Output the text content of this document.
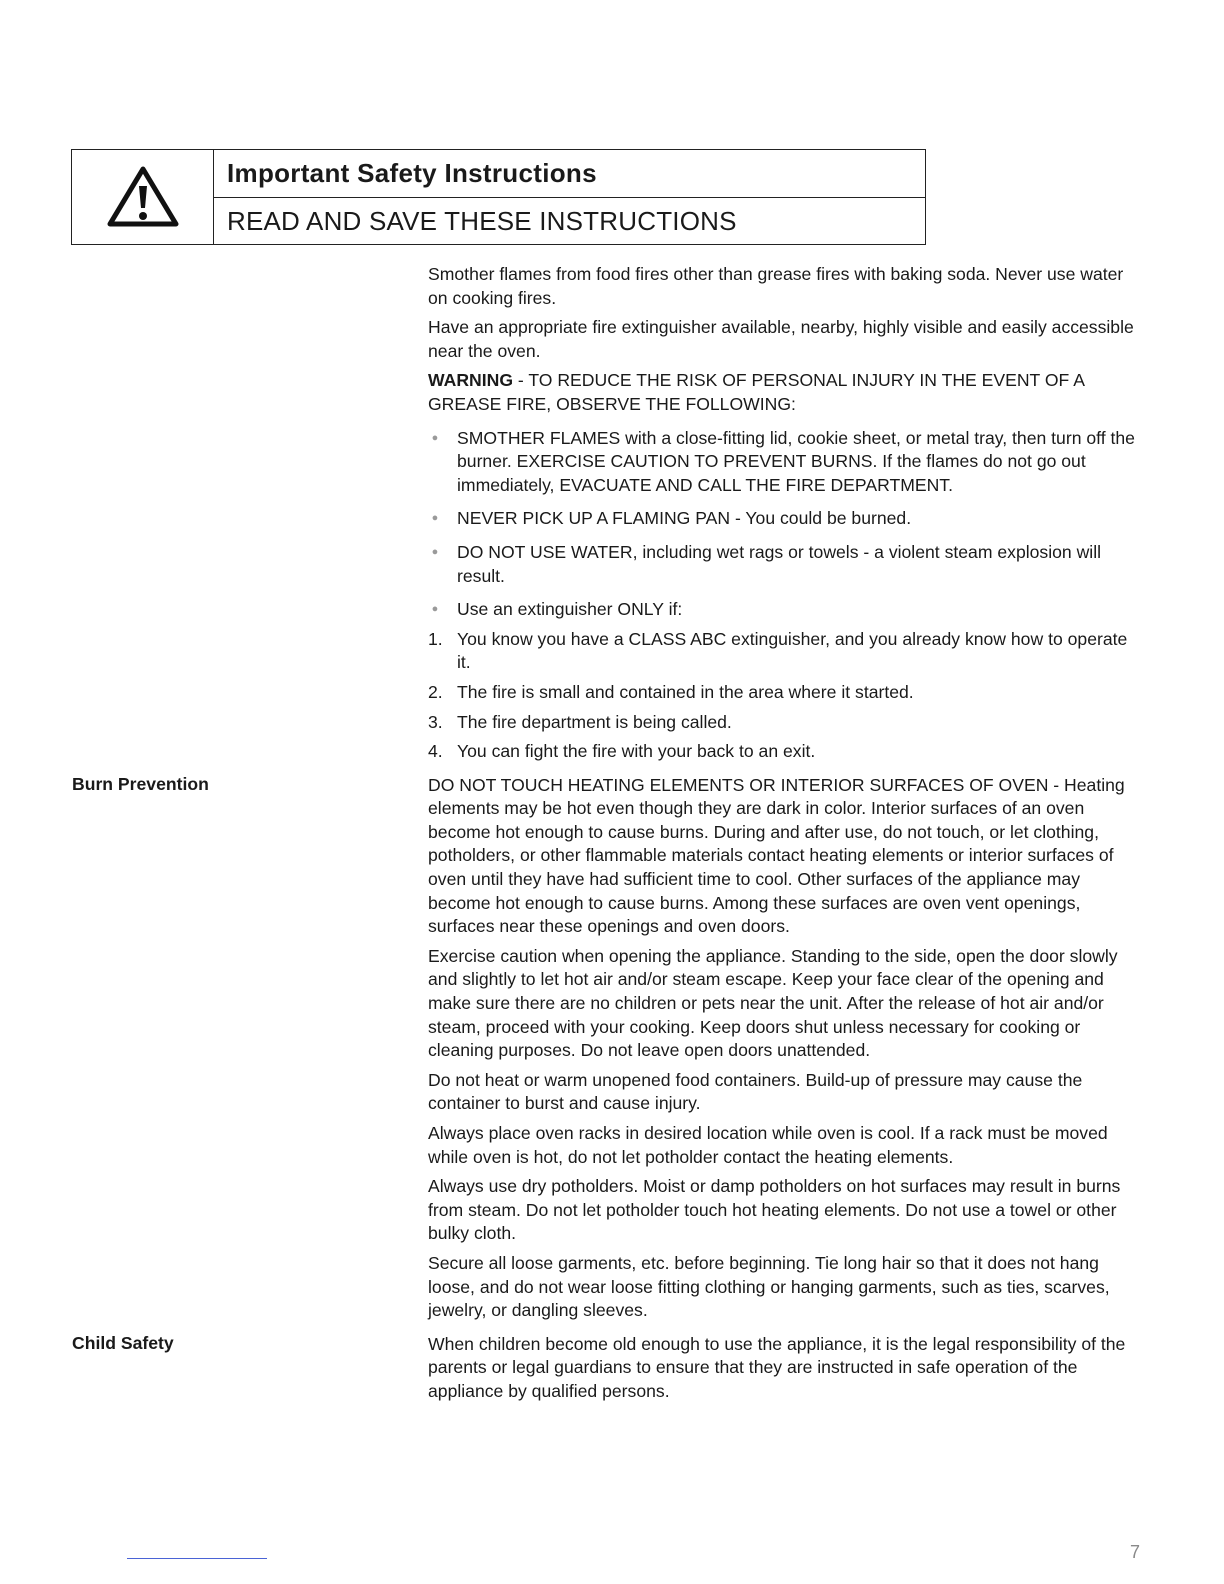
Important Safety Instructions
READ AND SAVE THESE INSTRUCTIONS

Smother flames from food fires other than grease fires with baking soda. Never use water on cooking fires.

Have an appropriate fire extinguisher available, nearby, highly visible and easily accessible near the oven.

WARNING - TO REDUCE THE RISK OF PERSONAL INJURY IN THE EVENT OF A GREASE FIRE, OBSERVE THE FOLLOWING:

● SMOTHER FLAMES with a close-fitting lid, cookie sheet, or metal tray, then turn off the burner. EXERCISE CAUTION TO PREVENT BURNS. If the flames do not go out immediately, EVACUATE AND CALL THE FIRE DEPARTMENT.
● NEVER PICK UP A FLAMING PAN - You could be burned.
● DO NOT USE WATER, including wet rags or towels - a violent steam explosion will result.
● Use an extinguisher ONLY if:
1. You know you have a CLASS ABC extinguisher, and you already know how to operate it.
2. The fire is small and contained in the area where it started.
3. The fire department is being called.
4. You can fight the fire with your back to an exit.

DO NOT TOUCH HEATING ELEMENTS OR INTERIOR SURFACES OF OVEN - Heating elements may be hot even though they are dark in color. Interior surfaces of an oven become hot enough to cause burns. During and after use, do not touch, or let clothing, potholders, or other flammable materials contact heating elements or interior surfaces of oven until they have had sufficient time to cool. Other surfaces of the appliance may become hot enough to cause burns. Among these surfaces are oven vent openings, surfaces near these openings and oven doors.

Exercise caution when opening the appliance. Standing to the side, open the door slowly and slightly to let hot air and/or steam escape. Keep your face clear of the opening and make sure there are no children or pets near the unit. After the release of hot air and/or steam, proceed with your cooking. Keep doors shut unless necessary for cooking or cleaning purposes. Do not leave open doors unattended.

Do not heat or warm unopened food containers. Build-up of pressure may cause the container to burst and cause injury.

Always place oven racks in desired location while oven is cool. If a rack must be moved while oven is hot, do not let potholder contact the heating elements.

Always use dry potholders. Moist or damp potholders on hot surfaces may result in burns from steam. Do not let potholder touch hot heating elements. Do not use a towel or other bulky cloth.

Secure all loose garments, etc. before beginning. Tie long hair so that it does not hang loose, and do not wear loose fitting clothing or hanging garments, such as ties, scarves, jewelry, or dangling sleeves.

When children become old enough to use the appliance, it is the legal responsibility of the parents or legal guardians to ensure that they are instructed in safe operation of the appliance by qualified persons.

Burn Prevention
Child Safety
7
